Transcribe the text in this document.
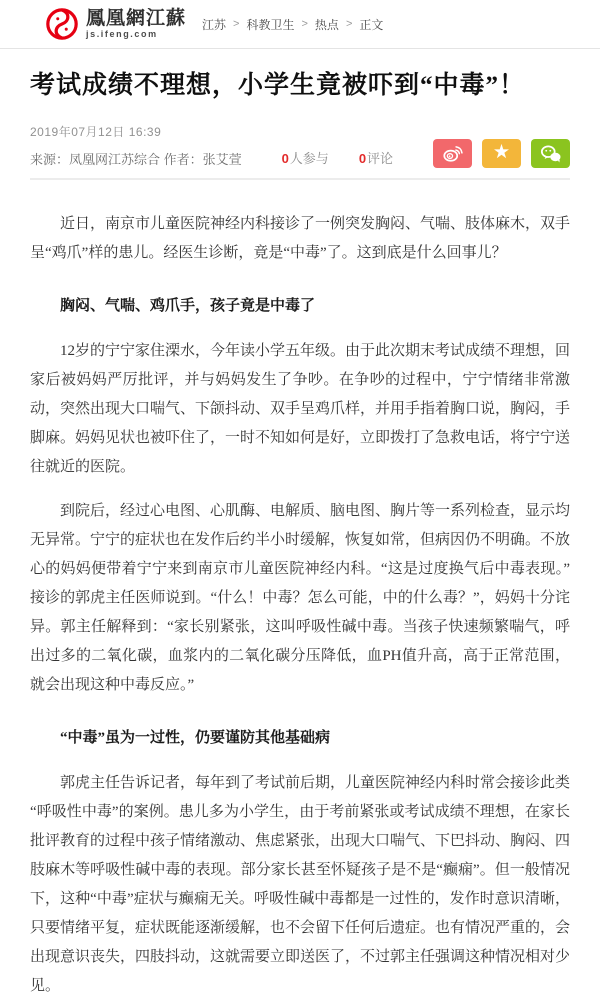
鳳凰網江蘇
js.ifeng.com
江苏 > 科教卫生 > 热点 > 正文
考试成绩不理想，小学生竟被吓到“中毒”！
2019年07月12日 16:39
来源：凤凰网江苏综合 作者：张艾萱	0人参与 0评论	★

近日，南京市儿童医院神经内科接诊了一例突发胸闷、气喘、肢体麻木，双手呈“鸡爪”样的患儿。经医生诊断，竟是“中毒”了。这到底是什么回事儿？

胸闷、气喘、鸡爪手，孩子竟是中毒了

12岁的宁宁家住溧水，今年读小学五年级。由于此次期末考试成绩不理想，回家后被妈妈严厉批评，并与妈妈发生了争吵。在争吵的过程中，宁宁情绪非常激动，突然出现大口喘气、下颌抖动、双手呈鸡爪样，并用手指着胸口说，胸闷，手脚麻。妈妈见状也被吓住了，一时不知如何是好，立即拨打了急救电话，将宁宁送往就近的医院。

到院后，经过心电图、心肌酶、电解质、脑电图、胸片等一系列检查，显示均无异常。宁宁的症状也在发作后约半小时缓解，恢复如常，但病因仍不明确。不放心的妈妈便带着宁宁来到南京市儿童医院神经内科。“这是过度换气后中毒表现。”接诊的郭虎主任医师说到。“什么！中毒？怎么可能，中的什么毒？”，妈妈十分诧异。郭主任解释到：“家长别紧张，这叫呼吸性碱中毒。当孩子快速频繁喘气，呼出过多的二氧化碳，血浆内的二氧化碳分压降低，血PH值升高，高于正常范围，就会出现这种中毒反应。”

“中毒”虽为一过性，仍要谨防其他基础病

郭虎主任告诉记者，每年到了考试前后期，儿童医院神经内科时常会接诊此类“呼吸性中毒”的案例。患儿多为小学生，由于考前紧张或考试成绩不理想，在家长批评教育的过程中孩子情绪激动、焦虑紧张，出现大口喘气、下巴抖动、胸闷、四肢麻木等呼吸性碱中毒的表现。部分家长甚至怀疑孩子是不是“癫痫”。但一般情况下，这种“中毒”症状与癫痫无关。呼吸性碱中毒都是一过性的，发作时意识清晰，只要情绪平复，症状既能逐渐缓解，也不会留下任何后遗症。也有情况严重的，会出现意识丧失，四肢抖动，这就需要立即送医了，不过郭主任强调这种情况相对少见。
